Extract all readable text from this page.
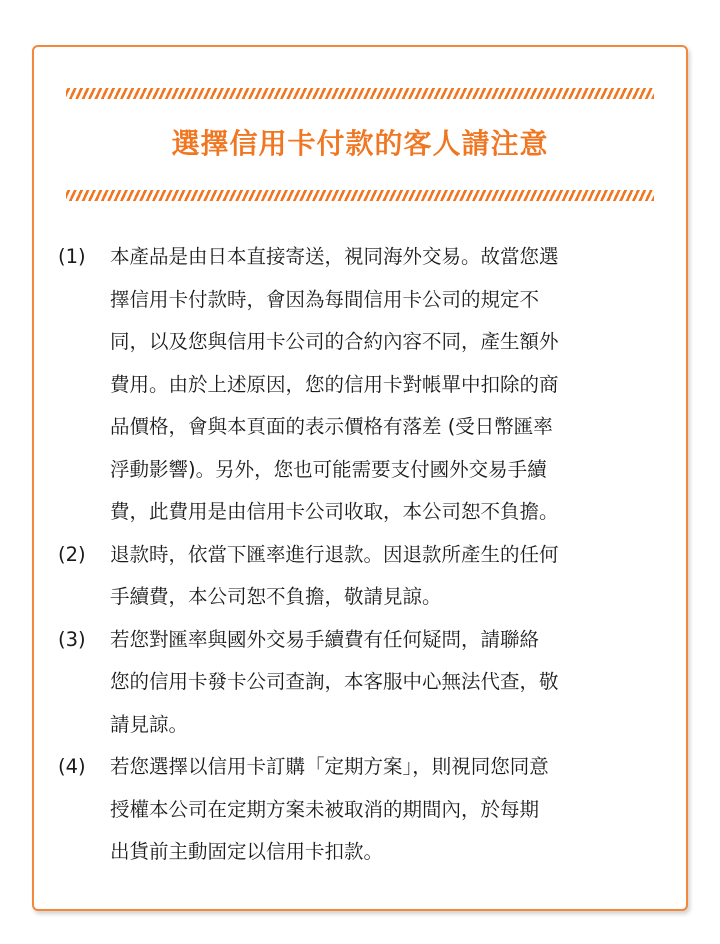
選擇信用卡付款的客人請注意
(1)	本產品是由日本直接寄送，視同海外交易。故當您選
擇信用卡付款時，會因為每間信用卡公司的規定不
同，以及您與信用卡公司的合約內容不同，產生額外
費用。由於上述原因，您的信用卡對帳單中扣除的商
品價格，會與本頁面的表示價格有落差 (受日幣匯率
浮動影響)。另外，您也可能需要支付國外交易手續
費，此費用是由信用卡公司收取，本公司恕不負擔。
(2)	退款時，依當下匯率進行退款。因退款所產生的任何
手續費，本公司恕不負擔，敬請見諒。
(3)	若您對匯率與國外交易手續費有任何疑問，請聯絡
您的信用卡發卡公司查詢，本客服中心無法代查，敬
請見諒。
(4)	若您選擇以信用卡訂購「定期方案」，則視同您同意
授權本公司在定期方案未被取消的期間內，於每期
出貨前主動固定以信用卡扣款。
